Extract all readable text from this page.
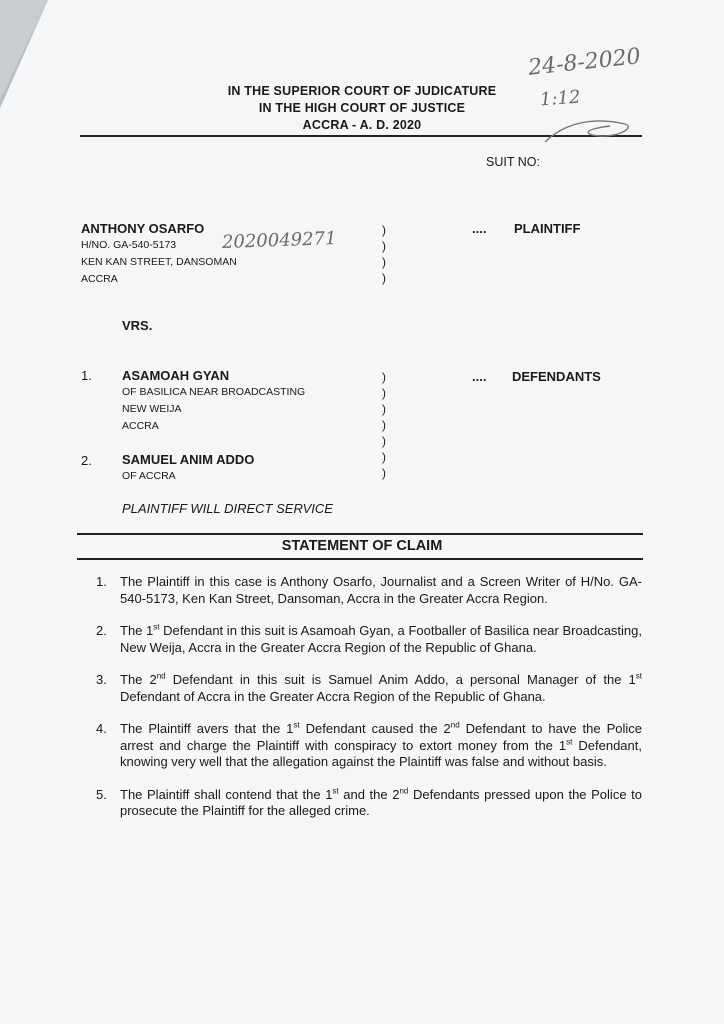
IN THE SUPERIOR COURT OF JUDICATURE
IN THE HIGH COURT OF JUSTICE
ACCRA - A. D. 2020
24-8-2020
1:12
SUIT NO:
ANTHONY OSARFO
H/NO. GA-540-5173	2020049271
KEN KAN STREET, DANSOMAN
ACCRA
)
)
)
)
.... PLAINTIFF
VRS.
1. ASAMOAH GYAN
OF BASILICA NEAR BROADCASTING
NEW WEIJA
ACCRA
2. SAMUEL ANIM ADDO
OF ACCRA
)
)
)
)
)
)
)
.... DEFENDANTS
PLAINTIFF WILL DIRECT SERVICE
STATEMENT OF CLAIM
1. The Plaintiff in this case is Anthony Osarfo, Journalist and a Screen Writer of H/No. GA-540-5173, Ken Kan Street, Dansoman, Accra in the Greater Accra Region.
2. The 1st Defendant in this suit is Asamoah Gyan, a Footballer of Basilica near Broadcasting, New Weija, Accra in the Greater Accra Region of the Republic of Ghana.
3. The 2nd Defendant in this suit is Samuel Anim Addo, a personal Manager of the 1st Defendant of Accra in the Greater Accra Region of the Republic of Ghana.
4. The Plaintiff avers that the 1st Defendant caused the 2nd Defendant to have the Police arrest and charge the Plaintiff with conspiracy to extort money from the 1st Defendant, knowing very well that the allegation against the Plaintiff was false and without basis.
5. The Plaintiff shall contend that the 1st and the 2nd Defendants pressed upon the Police to prosecute the Plaintiff for the alleged crime.
